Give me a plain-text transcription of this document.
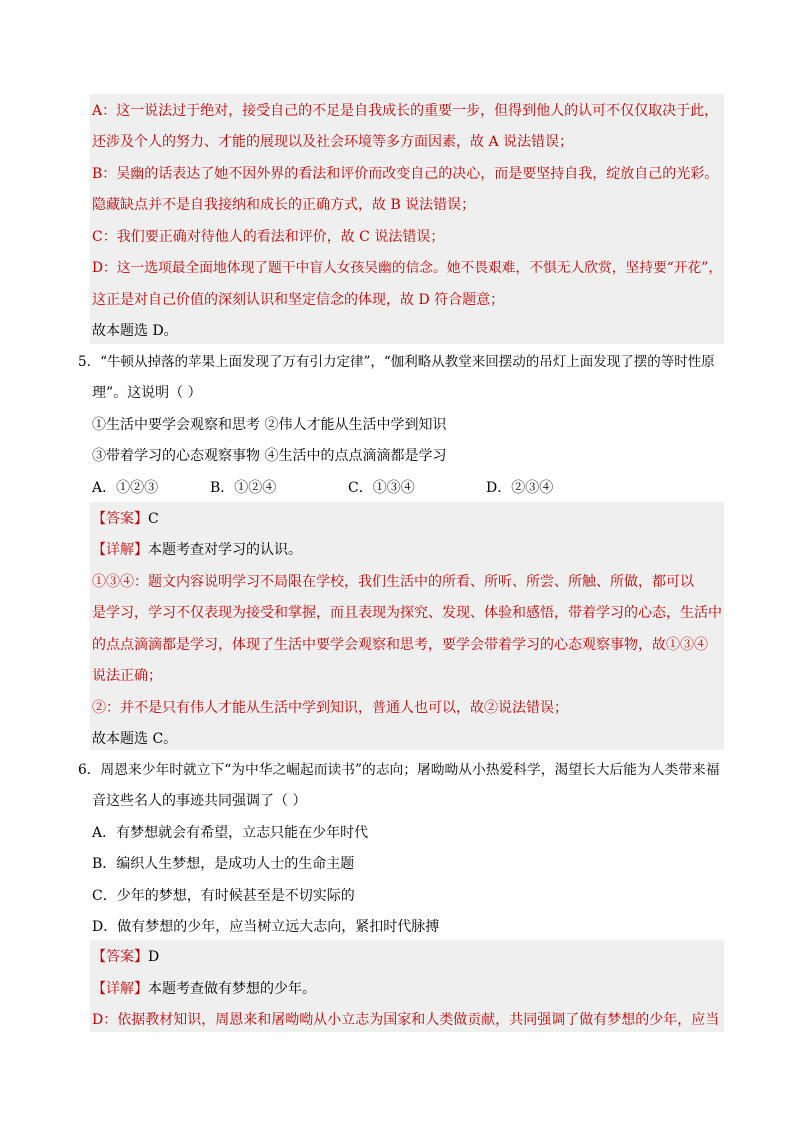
A：这一说法过于绝对，接受自己的不足是自我成长的重要一步，但得到他人的认可不仅仅取决于此，
还涉及个人的努力、才能的展现以及社会环境等多方面因素，故 A 说法错误；
B：吴幽的话表达了她不因外界的看法和评价而改变自己的决心，而是要坚持自我，绽放自己的光彩。
隐藏缺点并不是自我接纳和成长的正确方式，故 B 说法错误；
C：我们要正确对待他人的看法和评价，故 C 说法错误；
D：这一选项最全面地体现了题干中盲人女孩吴幽的信念。她不畏艰难，不惧无人欣赏，坚持要“开花”，
这正是对自己价值的深刻认识和坚定信念的体现，故 D 符合题意；
故本题选 D。
5．“牛顿从掉落的苹果上面发现了万有引力定律”，“伽利略从教堂来回摆动的吊灯上面发现了摆的等时性原
理”。这说明（ ）
①生活中要学会观察和思考 ②伟人才能从生活中学到知识
③带着学习的心态观察事物 ④生活中的点点滴滴都是学习
A．①②③	B．①②④	C．①③④	D．②③④
【答案】C
【详解】本题考查对学习的认识。
①③④：题文内容说明学习不局限在学校，我们生活中的所看、所听、所尝、所触、所做，都可以
是学习，学习不仅表现为接受和掌握，而且表现为探究、发现、体验和感悟，带着学习的心态，生活中
的点点滴滴都是学习，体现了生活中要学会观察和思考，要学会带着学习的心态观察事物，故①③④
说法正确；
②：并不是只有伟人才能从生活中学到知识，普通人也可以，故②说法错误；
故本题选 C。
6．周恩来少年时就立下“为中华之崛起而读书”的志向；屠呦呦从小热爱科学，渴望长大后能为人类带来福
音这些名人的事迹共同强调了（ ）
A．有梦想就会有希望，立志只能在少年时代
B．编织人生梦想，是成功人士的生命主题
C．少年的梦想，有时候甚至是不切实际的
D．做有梦想的少年，应当树立远大志向，紧扣时代脉搏
【答案】D
【详解】本题考查做有梦想的少年。
D：依据教材知识，周恩来和屠呦呦从小立志为国家和人类做贡献，共同强调了做有梦想的少年，应当
